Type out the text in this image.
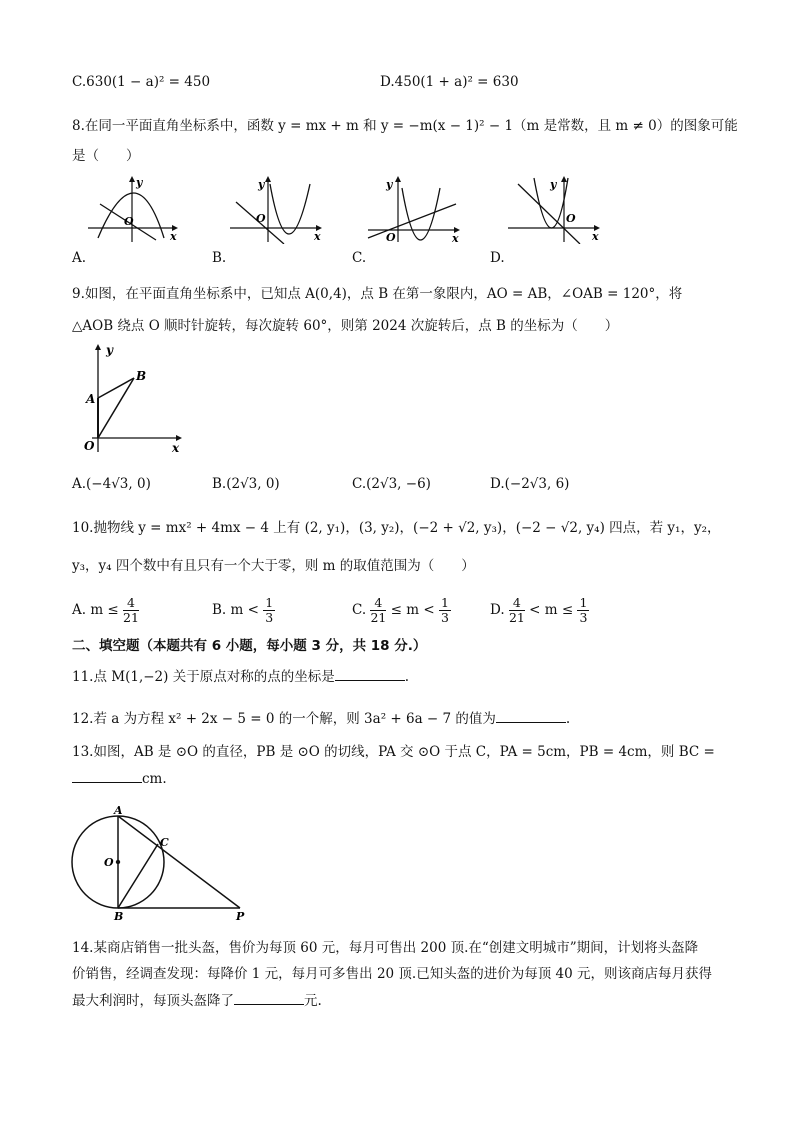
C.630(1 − a)² = 450	D.450(1 + a)² = 630
8.在同一平面直角坐标系中，函数 y = mx + m 和 y = −m(x − 1)² − 1（m 是常数，且 m ≠ 0）的图象可能
是（　　）
O
y
x
A.
O
y
x
B.
O
y
x
C.
O
y
x
D.
9.如图，在平面直角坐标系中，已知点 A(0,4)，点 B 在第一象限内，AO = AB，∠OAB = 120°，将
△AOB 绕点 O 顺时针旋转，每次旋转 60°，则第 2024 次旋转后，点 B 的坐标为（　　）
y
x
O
A
B
A.(−4√3, 0)	B.(2√3, 0)	C.(2√3, −6)	D.(−2√3, 6)
10.抛物线 y = mx² + 4mx − 4 上有 (2, y₁)，(3, y₂)，(−2 + √2, y₃)，(−2 − √2, y₄) 四点，若 y₁，y₂，
y₃，y₄ 四个数中有且只有一个大于零，则 m 的取值范围为（　　）
A. $m \le \frac{4}{21}$	B. $m < \frac{1}{3}$	C. $\frac{4}{21} \le m < \frac{1}{3}$	D. $\frac{4}{21} < m \le \frac{1}{3}$
二、填空题（本题共有 6 小题，每小题 3 分，共 18 分.）
11.点 M(1,−2) 关于原点对称的点的坐标是	.
12.若 a 为方程 x² + 2x − 5 = 0 的一个解，则 3a² + 6a − 7 的值为	.
13.如图，AB 是 ⊙O 的直径，PB 是 ⊙O 的切线，PA 交 ⊙O 于点 C，PA = 5cm，PB = 4cm，则 BC =
cm.
A
C
O
B	P
14.某商店销售一批头盔，售价为每顶 60 元，每月可售出 200 顶.在“创建文明城市”期间，计划将头盔降
价销售，经调查发现：每降价 1 元，每月可多售出 20 顶.已知头盔的进价为每顶 40 元，则该商店每月获得
最大利润时，每顶头盔降了	元.
